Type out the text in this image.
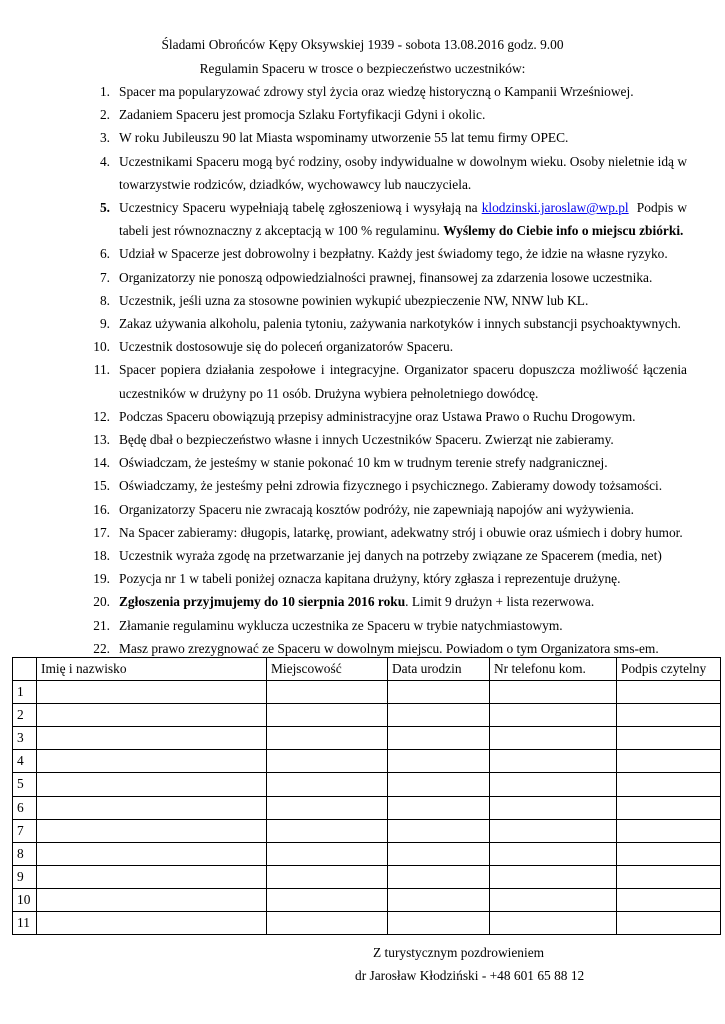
Śladami Obrońców Kępy Oksywskiej 1939 - sobota 13.08.2016 godz. 9.00
Regulamin Spaceru w trosce o bezpieczeństwo uczestników:
1. Spacer ma popularyzować zdrowy styl życia oraz wiedzę historyczną o Kampanii Wrześniowej.
2. Zadaniem Spaceru jest promocja Szlaku Fortyfikacji Gdyni i okolic.
3. W roku Jubileuszu 90 lat Miasta wspominamy utworzenie 55 lat temu firmy OPEC.
4. Uczestnikami Spaceru mogą być rodziny, osoby indywidualne w dowolnym wieku. Osoby nieletnie idą w towarzystwie rodziców, dziadków, wychowawcy lub nauczyciela.
5. Uczestnicy Spaceru wypełniają tabelę zgłoszeniową i wysyłają na klodzinski.jaroslaw@wp.pl Podpis w tabeli jest równoznaczny z akceptacją w 100 % regulaminu. Wyślemy do Ciebie info o miejscu zbiórki.
6. Udział w Spacerze jest dobrowolny i bezpłatny. Każdy jest świadomy tego, że idzie na własne ryzyko.
7. Organizatorzy nie ponoszą odpowiedzialności prawnej, finansowej za zdarzenia losowe uczestnika.
8. Uczestnik, jeśli uzna za stosowne powinien wykupić ubezpieczenie NW, NNW lub KL.
9. Zakaz używania alkoholu, palenia tytoniu, zażywania narkotyków i innych substancji psychoaktywnych.
10. Uczestnik dostosowuje się do poleceń organizatorów Spaceru.
11. Spacer popiera działania zespołowe i integracyjne. Organizator spaceru dopuszcza możliwość łączenia uczestników w drużyny po 11 osób. Drużyna wybiera pełnoletniego dowódcę.
12. Podczas Spaceru obowiązują przepisy administracyjne oraz Ustawa Prawo o Ruchu Drogowym.
13. Będę dbał o bezpieczeństwo własne i innych Uczestników Spaceru. Zwierząt nie zabieramy.
14. Oświadczam, że jesteśmy w stanie pokonać 10 km w trudnym terenie strefy nadgranicznej.
15. Oświadczamy, że jesteśmy pełni zdrowia fizycznego i psychicznego. Zabieramy dowody tożsamości.
16. Organizatorzy Spaceru nie zwracają kosztów podróży, nie zapewniają napojów ani wyżywienia.
17. Na Spacer zabieramy: długopis, latarkę, prowiant, adekwatny strój i obuwie oraz uśmiech i dobry humor.
18. Uczestnik wyraża zgodę na przetwarzanie jej danych na potrzeby związane ze Spacerem (media, net)
19. Pozycja nr 1 w tabeli poniżej oznacza kapitana drużyny, który zgłasza i reprezentuje drużynę.
20. Zgłoszenia przyjmujemy do 10 sierpnia 2016 roku. Limit 9 drużyn + lista rezerwowa.
21. Złamanie regulaminu wyklucza uczestnika ze Spaceru w trybie natychmiastowym.
22. Masz prawo zrezygnować ze Spaceru w dowolnym miejscu. Powiadom o tym Organizatora sms-em.
	Imię i nazwisko	Miejscowość	Data urodzin	Nr telefonu kom.	Podpis czytelny
1					
2					
3					
4					
5					
6					
7					
8					
9					
10					
11					
Z turystycznym pozdrowieniem
dr Jarosław Kłodziński - +48 601 65 88 12
